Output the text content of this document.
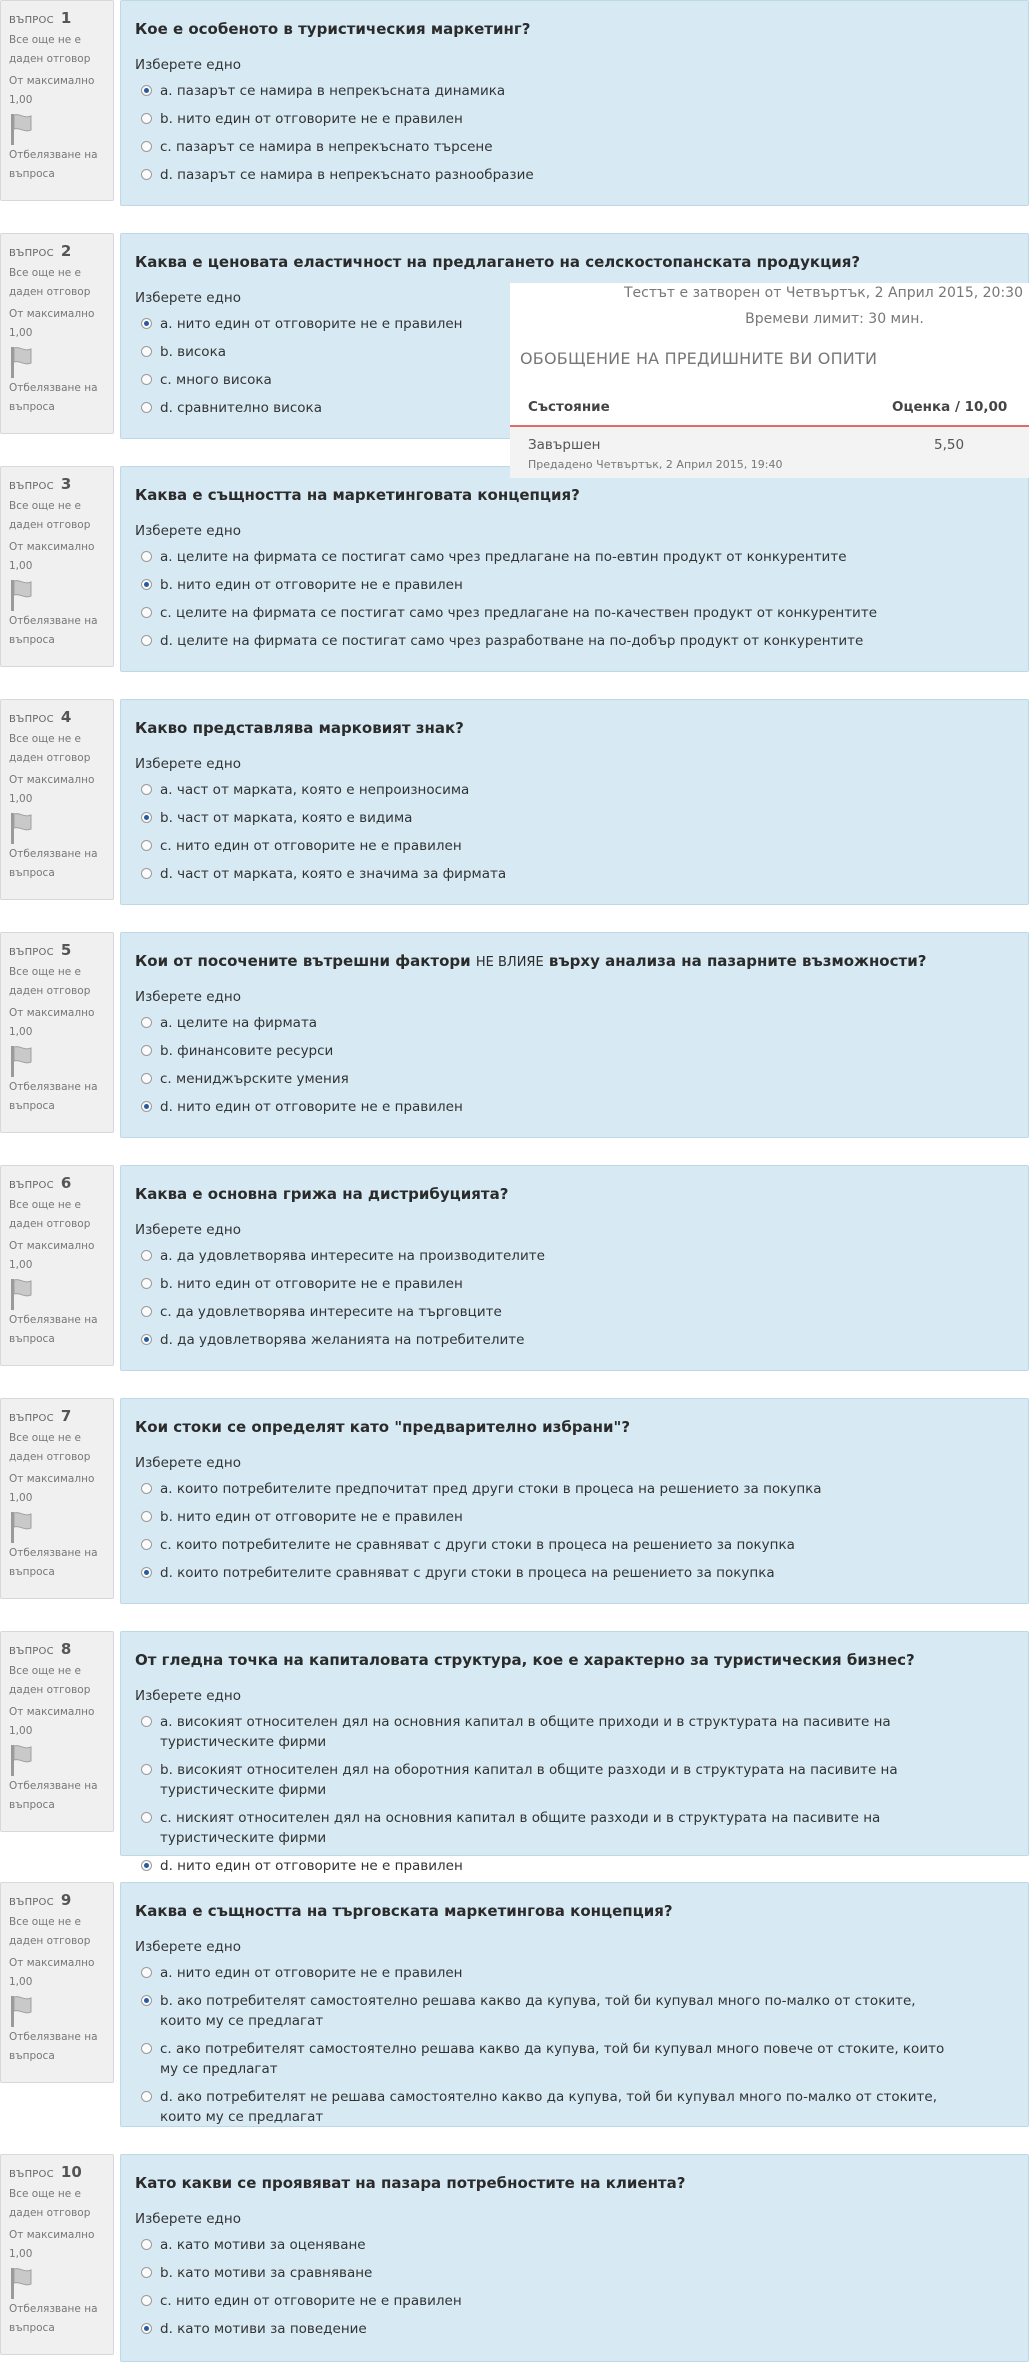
ВЪПРОС 1
Все още не е даден отговор
От максимално 1,00
Отбелязване на въпроса
Кое е особеното в туристическия маркетинг?
Изберете едно
a. пазарът се намира в непрекъсната динамика
b. нито един от отговорите не е правилен
c. пазарът се намира в непрекъснато търсене
d. пазарът се намира в непрекъснато разнообразие
ВЪПРОС 2
Все още не е даден отговор
От максимално 1,00
Отбелязване на въпроса
Каква е ценовата еластичност на предлагането на селскостопанската продукция?
Изберете едно
a. нито един от отговорите не е правилен
b. висока
c. много висока
d. сравнително висока
ВЪПРОС 3
Все още не е даден отговор
От максимално 1,00
Отбелязване на въпроса
Каква е същността на маркетинговата концепция?
Изберете едно
a. целите на фирмата се постигат само чрез предлагане на по-евтин продукт от конкурентите
b. нито един от отговорите не е правилен
c. целите на фирмата се постигат само чрез предлагане на по-качествен продукт от конкурентите
d. целите на фирмата се постигат само чрез разработване на по-добър продукт от конкурентите
ВЪПРОС 4
Все още не е даден отговор
От максимално 1,00
Отбелязване на въпроса
Какво представлява марковият знак?
Изберете едно
a. част от марката, която е непроизносима
b. част от марката, която е видима
c. нито един от отговорите не е правилен
d. част от марката, която е значима за фирмата
ВЪПРОС 5
Все още не е даден отговор
От максимално 1,00
Отбелязване на въпроса
Кои от посочените вътрешни фактори НЕ ВЛИЯЕ върху анализа на пазарните възможности?
Изберете едно
a. целите на фирмата
b. финансовите ресурси
c. мениджърските умения
d. нито един от отговорите не е правилен
ВЪПРОС 6
Все още не е даден отговор
От максимално 1,00
Отбелязване на въпроса
Каква е основна грижа на дистрибуцията?
Изберете едно
a. да удовлетворява интересите на производителите
b. нито един от отговорите не е правилен
c. да удовлетворява интересите на търговците
d. да удовлетворява желанията на потребителите
ВЪПРОС 7
Все още не е даден отговор
От максимално 1,00
Отбелязване на въпроса
Кои стоки се определят като "предварително избрани"?
Изберете едно
a. които потребителите предпочитат пред други стоки в процеса на решението за покупка
b. нито един от отговорите не е правилен
c. които потребителите не сравняват с други стоки в процеса на решението за покупка
d. които потребителите сравняват с други стоки в процеса на решението за покупка
ВЪПРОС 8
Все още не е даден отговор
От максимално 1,00
Отбелязване на въпроса
От гледна точка на капиталовата структура, кое е характерно за туристическия бизнес?
Изберете едно
a. високият относителен дял на основния капитал в общите приходи и в структурата на пасивите на туристическите фирми
b. високият относителен дял на оборотния капитал в общите разходи и в структурата на пасивите на туристическите фирми
c. ниският относителен дял на основния капитал в общите разходи и в структурата на пасивите на туристическите фирми
d. нито един от отговорите не е правилен
ВЪПРОС 9
Все още не е даден отговор
От максимално 1,00
Отбелязване на въпроса
Каква е същността на търговската маркетингова концепция?
Изберете едно
a. нито един от отговорите не е правилен
b. ако потребителят самостоятелно решава какво да купува, той би купувал много по-малко от стоките, които му се предлагат
c. ако потребителят самостоятелно решава какво да купува, той би купувал много повече от стоките, които му се предлагат
d. ако потребителят не решава самостоятелно какво да купува, той би купувал много по-малко от стоките, които му се предлагат
ВЪПРОС 10
Все още не е даден отговор
От максимално 1,00
Отбелязване на въпроса
Като какви се проявяват на пазара потребностите на клиента?
Изберете едно
a. като мотиви за оценяване
b. като мотиви за сравняване
c. нито един от отговорите не е правилен
d. като мотиви за поведение
Тестът е затворен от Четвъртък, 2 Април 2015, 20:30
Времеви лимит: 30 мин.
ОБОБЩЕНИЕ НА ПРЕДИШНИТЕ ВИ ОПИТИ
Състояние	Оценка / 10,00
Завършен
Предадено Четвъртък, 2 Април 2015, 19:40
5,50
